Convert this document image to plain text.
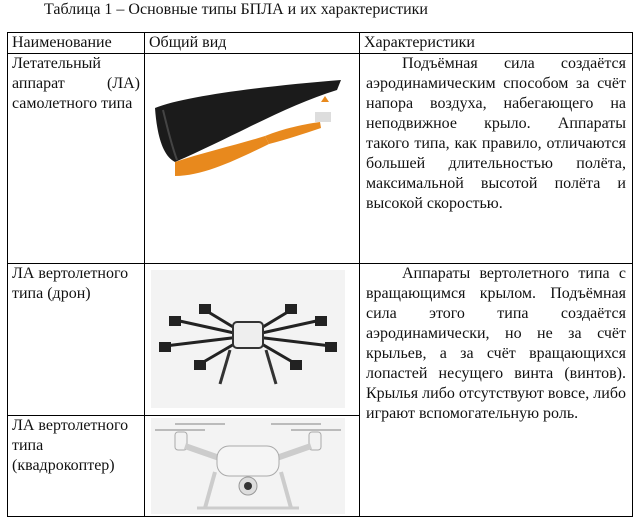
Таблица 1 – Основные типы БПЛА и их характеристики
Наименование	Общий вид	Характеристики
Летательный аппарат (ЛА) самолетного типа		Подъёмная сила создаётся аэродинамическим способом за счёт напора воздуха, набегающего на неподвижное крыло. Аппараты такого типа, как правило, отличаются большей длительностью полёта, максимальной высотой полёта и высокой скоростью.

ЛА вертолетного типа (дрон)		Аппараты вертолетного типа с вращающимся крылом. Подъёмная сила этого типа создаётся аэродинамически, но не за счёт крыльев, а за счёт вращающихся лопастей несущего винта (винтов). Крылья либо отсутствуют вовсе, либо играют вспомогательную роль.

ЛА вертолетного типа (квадрокоптер)	
